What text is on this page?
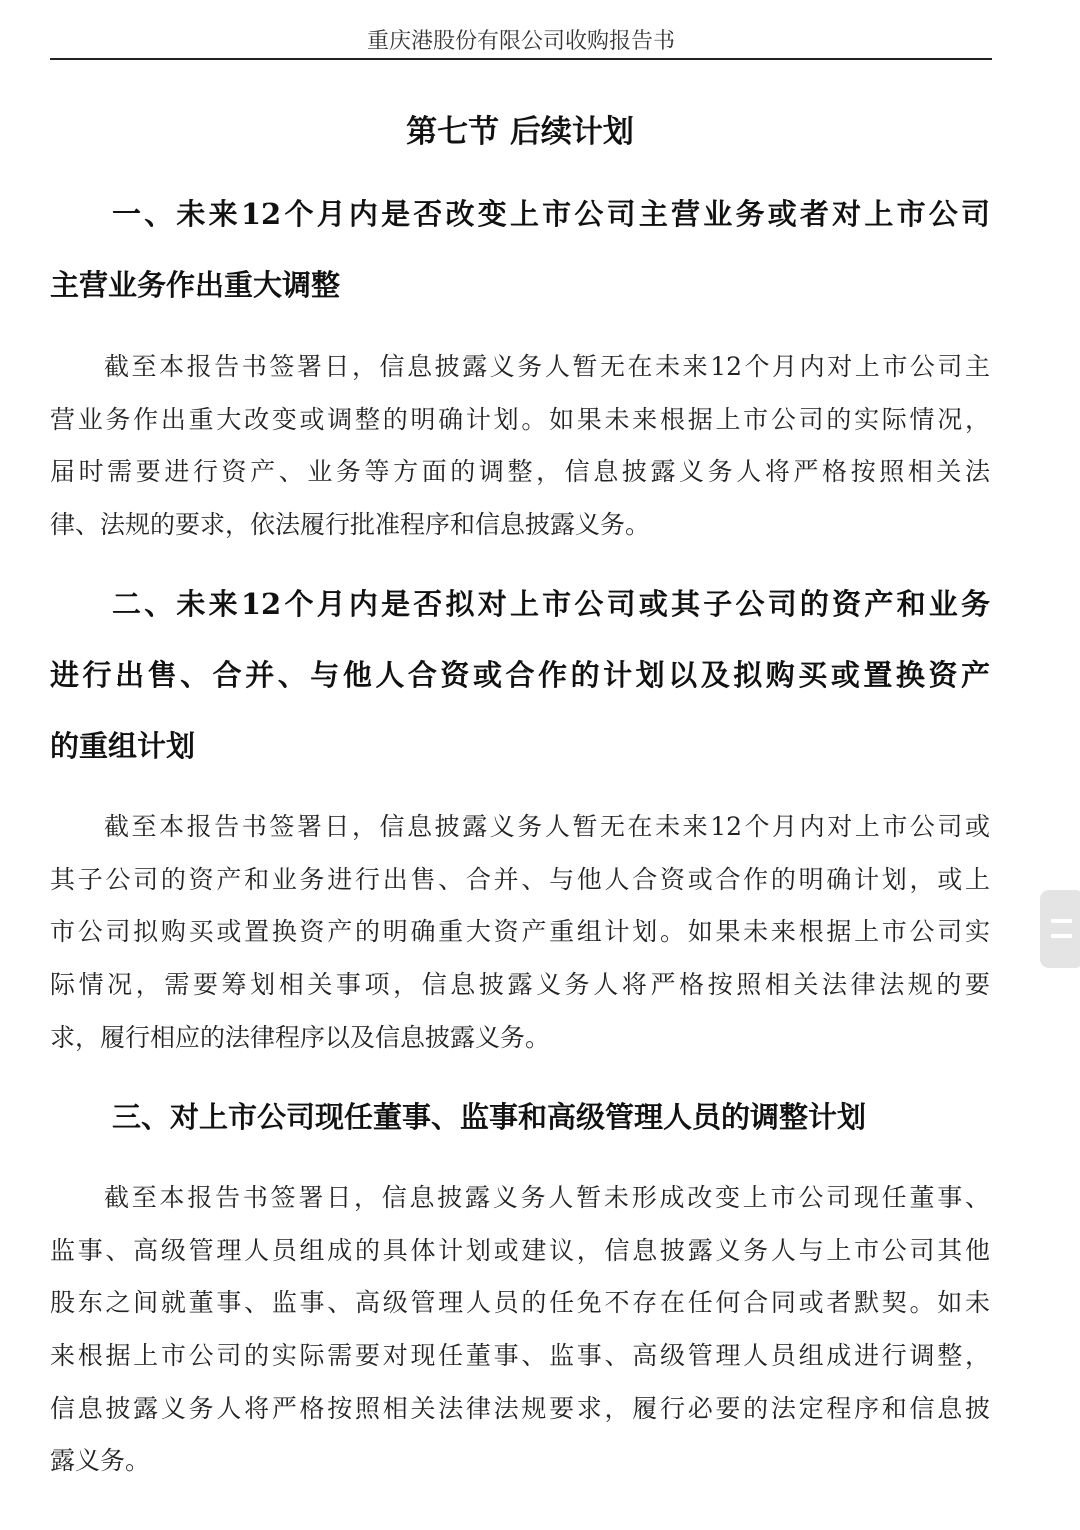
重庆港股份有限公司收购报告书
第七节 后续计划
一、未来12个月内是否改变上市公司主营业务或者对上市公司
主营业务作出重大调整
截至本报告书签署日，信息披露义务人暂无在未来12个月内对上市公司主
营业务作出重大改变或调整的明确计划。如果未来根据上市公司的实际情况，
届时需要进行资产、业务等方面的调整，信息披露义务人将严格按照相关法
律、法规的要求，依法履行批准程序和信息披露义务。
二、未来12个月内是否拟对上市公司或其子公司的资产和业务
进行出售、合并、与他人合资或合作的计划以及拟购买或置换资产
的重组计划
截至本报告书签署日，信息披露义务人暂无在未来12个月内对上市公司或
其子公司的资产和业务进行出售、合并、与他人合资或合作的明确计划，或上
市公司拟购买或置换资产的明确重大资产重组计划。如果未来根据上市公司实
际情况，需要筹划相关事项，信息披露义务人将严格按照相关法律法规的要
求，履行相应的法律程序以及信息披露义务。
三、对上市公司现任董事、监事和高级管理人员的调整计划
截至本报告书签署日，信息披露义务人暂未形成改变上市公司现任董事、
监事、高级管理人员组成的具体计划或建议，信息披露义务人与上市公司其他
股东之间就董事、监事、高级管理人员的任免不存在任何合同或者默契。如未
来根据上市公司的实际需要对现任董事、监事、高级管理人员组成进行调整，
信息披露义务人将严格按照相关法律法规要求，履行必要的法定程序和信息披
露义务。
